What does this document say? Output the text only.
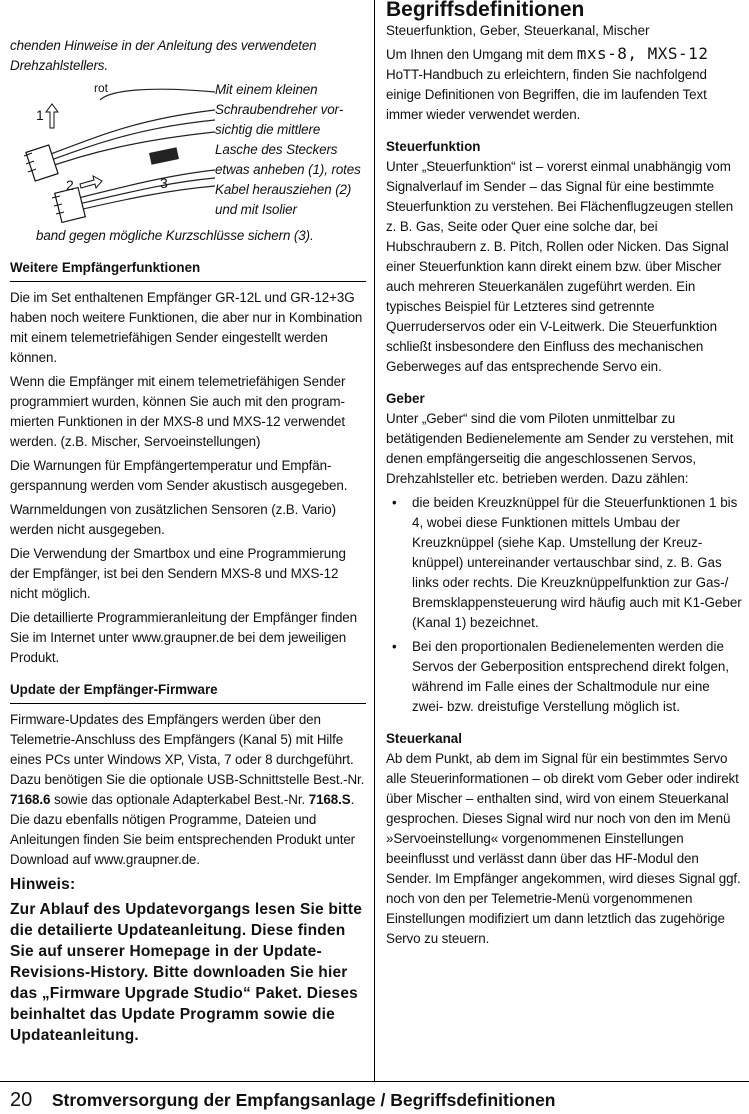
chenden Hinweise in der Anleitung des verwendeten Drehzahlstellers.

rot
1
2	3

Mit einem kleinen Schraubendreher vorsichtig die mittlere Lasche des Steckers etwas anheben (1), rotes Kabel herausziehen (2) und mit Isolier

band gegen mögliche Kurzschlüsse sichern (3).

Weitere Empfängerfunktionen

Die im Set enthaltenen Empfänger GR-12L und GR-12+3G haben noch weitere Funktionen, die aber nur in Kombination mit einem telemetriefähigen Sender eingestellt werden können.

Wenn die Empfänger mit einem telemetriefähigen Sender programmiert wurden, können Sie auch mit den programmierten Funktionen in der MXS-8 und MXS-12 verwendet werden. (z.B. Mischer, Servoeinstellungen)

Die Warnungen für Empfängertemperatur und Empfängerspannung werden vom Sender akustisch ausgegeben.

Warnmeldungen von zusätzlichen Sensoren (z.B. Vario) werden nicht ausgegeben.

Die Verwendung der Smartbox und eine Programmierung der Empfänger, ist bei den Sendern MXS-8 und MXS-12 nicht möglich.

Die detaillierte Programmieranleitung der Empfänger finden Sie im Internet unter www.graupner.de bei dem jeweiligen Produkt.

Update der Empfänger-Firmware

Firmware-Updates des Empfängers werden über den Telemetrie-Anschluss des Empfängers (Kanal 5) mit Hilfe eines PCs unter Windows XP, Vista, 7 oder 8 durchgeführt. Dazu benötigen Sie die optionale USB-Schnittstelle Best.-Nr. 7168.6 sowie das optionale Adapterkabel Best.-Nr. 7168.S. Die dazu ebenfalls nötigen Programme, Dateien und Anleitungen finden Sie beim entsprechenden Produkt unter Download auf www.graupner.de.

Hinweis:

Zur Ablauf des Updatevorgangs lesen Sie bitte die detailierte Updateanleitung. Diese finden Sie auf unserer Homepage in der Update-Revisions-History. Bitte downloaden Sie hier das „Firmware Upgrade Studio“ Paket. Dieses beinhaltet das Update Programm sowie die Updateanleitung.

Begriffsdefinitionen

Steuerfunktion, Geber, Steuerkanal, Mischer

Um Ihnen den Umgang mit dem mxs-8, MXS-12 HoTT-Handbuch zu erleichtern, finden Sie nachfolgend einige Definitionen von Begriffen, die im laufenden Text immer wieder verwendet werden.

Steuerfunktion

Unter „Steuerfunktion“ ist – vorerst einmal unabhängig vom Signalverlauf im Sender – das Signal für eine bestimmte Steuerfunktion zu verstehen. Bei Flächenflugzeugen stellen z. B. Gas, Seite oder Quer eine solche dar, bei Hubschraubern z. B. Pitch, Rollen oder Nicken. Das Signal einer Steuerfunktion kann direkt einem bzw. über Mischer auch mehreren Steuerkanälen zugeführt werden. Ein typisches Beispiel für Letzteres sind getrennte Querruderservos oder ein V-Leitwerk. Die Steuerfunktion schließt insbesondere den Einfluss des mechanischen Geberweges auf das entsprechende Servo ein.

Geber

Unter „Geber“ sind die vom Piloten unmittelbar zu betätigenden Bedienelemente am Sender zu verstehen, mit denen empfängerseitig die angeschlossenen Servos, Drehzahlsteller etc. betrieben werden. Dazu zählen:

•	die beiden Kreuzknüppel für die Steuerfunktionen 1 bis 4, wobei diese Funktionen mittels Umbau der Kreuzknüppel (siehe Kap. Umstellung der Kreuzknüppel) untereinander vertauschbar sind, z. B. Gas links oder rechts. Die Kreuzknüppelfunktion zur Gas-/ Bremsklappensteuerung wird häufig auch mit K1-Geber (Kanal 1) bezeichnet.
•	Bei den proportionalen Bedienelementen werden die Servos der Geberposition entsprechend direkt folgen, während im Falle eines der Schaltmodule nur eine zwei- bzw. dreistufige Verstellung möglich ist.

Steuerkanal

Ab dem Punkt, ab dem im Signal für ein bestimmtes Servo alle Steuerinformationen – ob direkt vom Geber oder indirekt über Mischer – enthalten sind, wird von einem Steuerkanal gesprochen. Dieses Signal wird nur noch von den im Menü »Servoeinstellung« vorgenommenen Einstellungen beeinflusst und verlässt dann über das HF-Modul den Sender. Im Empfänger angekommen, wird dieses Signal ggf. noch von den per Telemetrie-Menü vorgenommenen Einstellungen modifiziert um dann letztlich das zugehörige Servo zu steuern.

20 Stromversorgung der Empfangsanlage / Begriffsdefinitionen
